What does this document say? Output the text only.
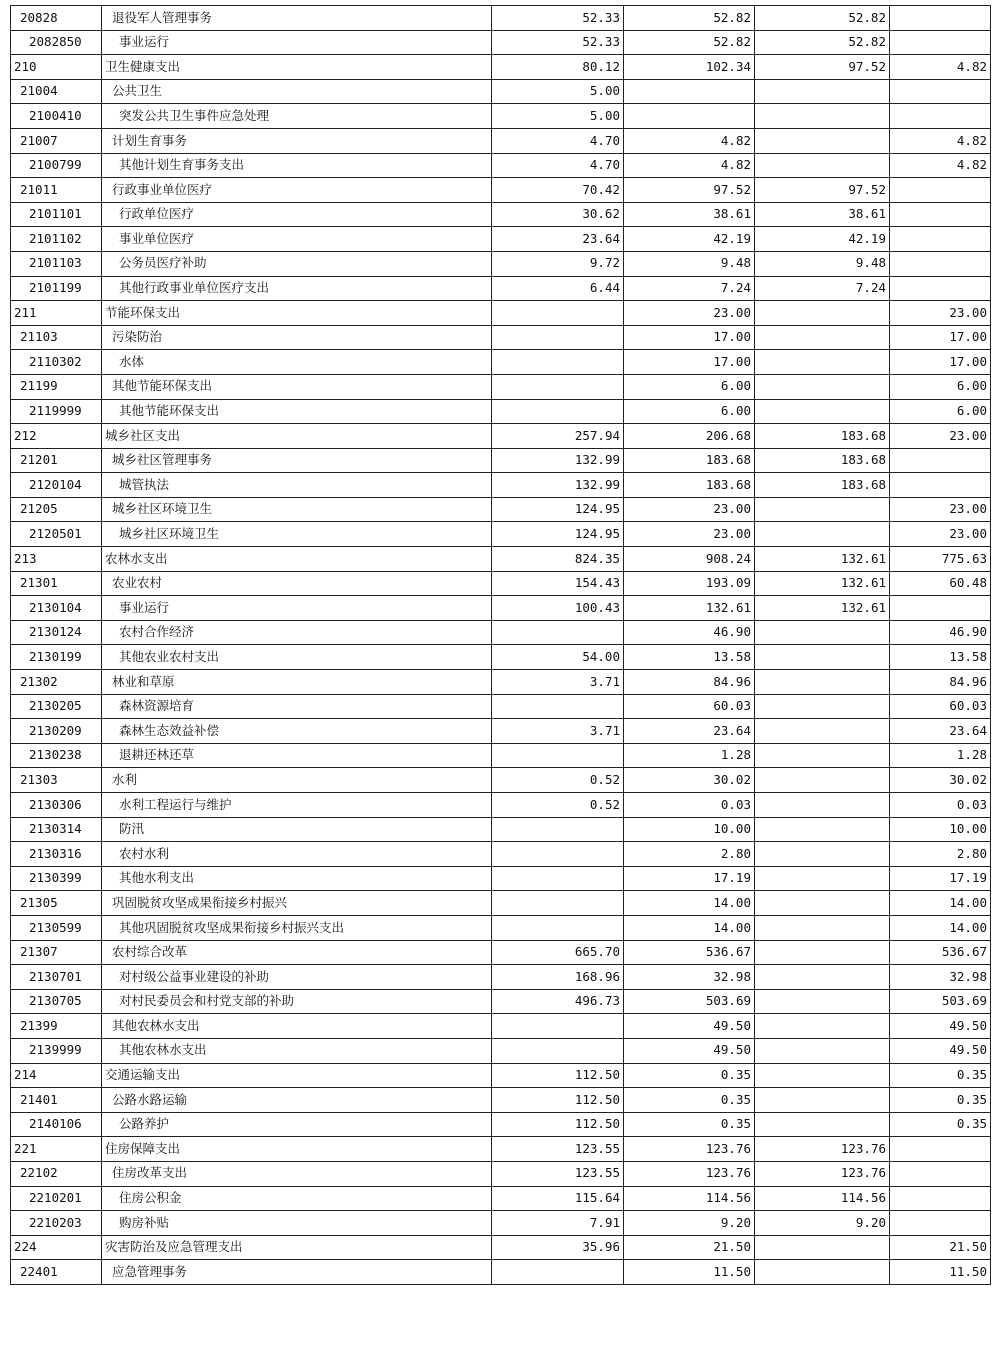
20828	退役军人管理事务	52.33	52.82	52.82	
2082850	事业运行	52.33	52.82	52.82	
210	卫生健康支出	80.12	102.34	97.52	4.82
21004	公共卫生	5.00			
2100410	突发公共卫生事件应急处理	5.00			
21007	计划生育事务	4.70	4.82		4.82
2100799	其他计划生育事务支出	4.70	4.82		4.82
21011	行政事业单位医疗	70.42	97.52	97.52	
2101101	行政单位医疗	30.62	38.61	38.61	
2101102	事业单位医疗	23.64	42.19	42.19	
2101103	公务员医疗补助	9.72	9.48	9.48	
2101199	其他行政事业单位医疗支出	6.44	7.24	7.24	
211	节能环保支出		23.00		23.00
21103	污染防治		17.00		17.00
2110302	水体		17.00		17.00
21199	其他节能环保支出		6.00		6.00
2119999	其他节能环保支出		6.00		6.00
212	城乡社区支出	257.94	206.68	183.68	23.00
21201	城乡社区管理事务	132.99	183.68	183.68	
2120104	城管执法	132.99	183.68	183.68	
21205	城乡社区环境卫生	124.95	23.00		23.00
2120501	城乡社区环境卫生	124.95	23.00		23.00
213	农林水支出	824.35	908.24	132.61	775.63
21301	农业农村	154.43	193.09	132.61	60.48
2130104	事业运行	100.43	132.61	132.61	
2130124	农村合作经济		46.90		46.90
2130199	其他农业农村支出	54.00	13.58		13.58
21302	林业和草原	3.71	84.96		84.96
2130205	森林资源培育		60.03		60.03
2130209	森林生态效益补偿	3.71	23.64		23.64
2130238	退耕还林还草		1.28		1.28
21303	水利	0.52	30.02		30.02
2130306	水利工程运行与维护	0.52	0.03		0.03
2130314	防汛		10.00		10.00
2130316	农村水利		2.80		2.80
2130399	其他水利支出		17.19		17.19
21305	巩固脱贫攻坚成果衔接乡村振兴		14.00		14.00
2130599	其他巩固脱贫攻坚成果衔接乡村振兴支出		14.00		14.00
21307	农村综合改革	665.70	536.67		536.67
2130701	对村级公益事业建设的补助	168.96	32.98		32.98
2130705	对村民委员会和村党支部的补助	496.73	503.69		503.69
21399	其他农林水支出		49.50		49.50
2139999	其他农林水支出		49.50		49.50
214	交通运输支出	112.50	0.35		0.35
21401	公路水路运输	112.50	0.35		0.35
2140106	公路养护	112.50	0.35		0.35
221	住房保障支出	123.55	123.76	123.76	
22102	住房改革支出	123.55	123.76	123.76	
2210201	住房公积金	115.64	114.56	114.56	
2210203	购房补贴	7.91	9.20	9.20	
224	灾害防治及应急管理支出	35.96	21.50		21.50
22401	应急管理事务		11.50		11.50
